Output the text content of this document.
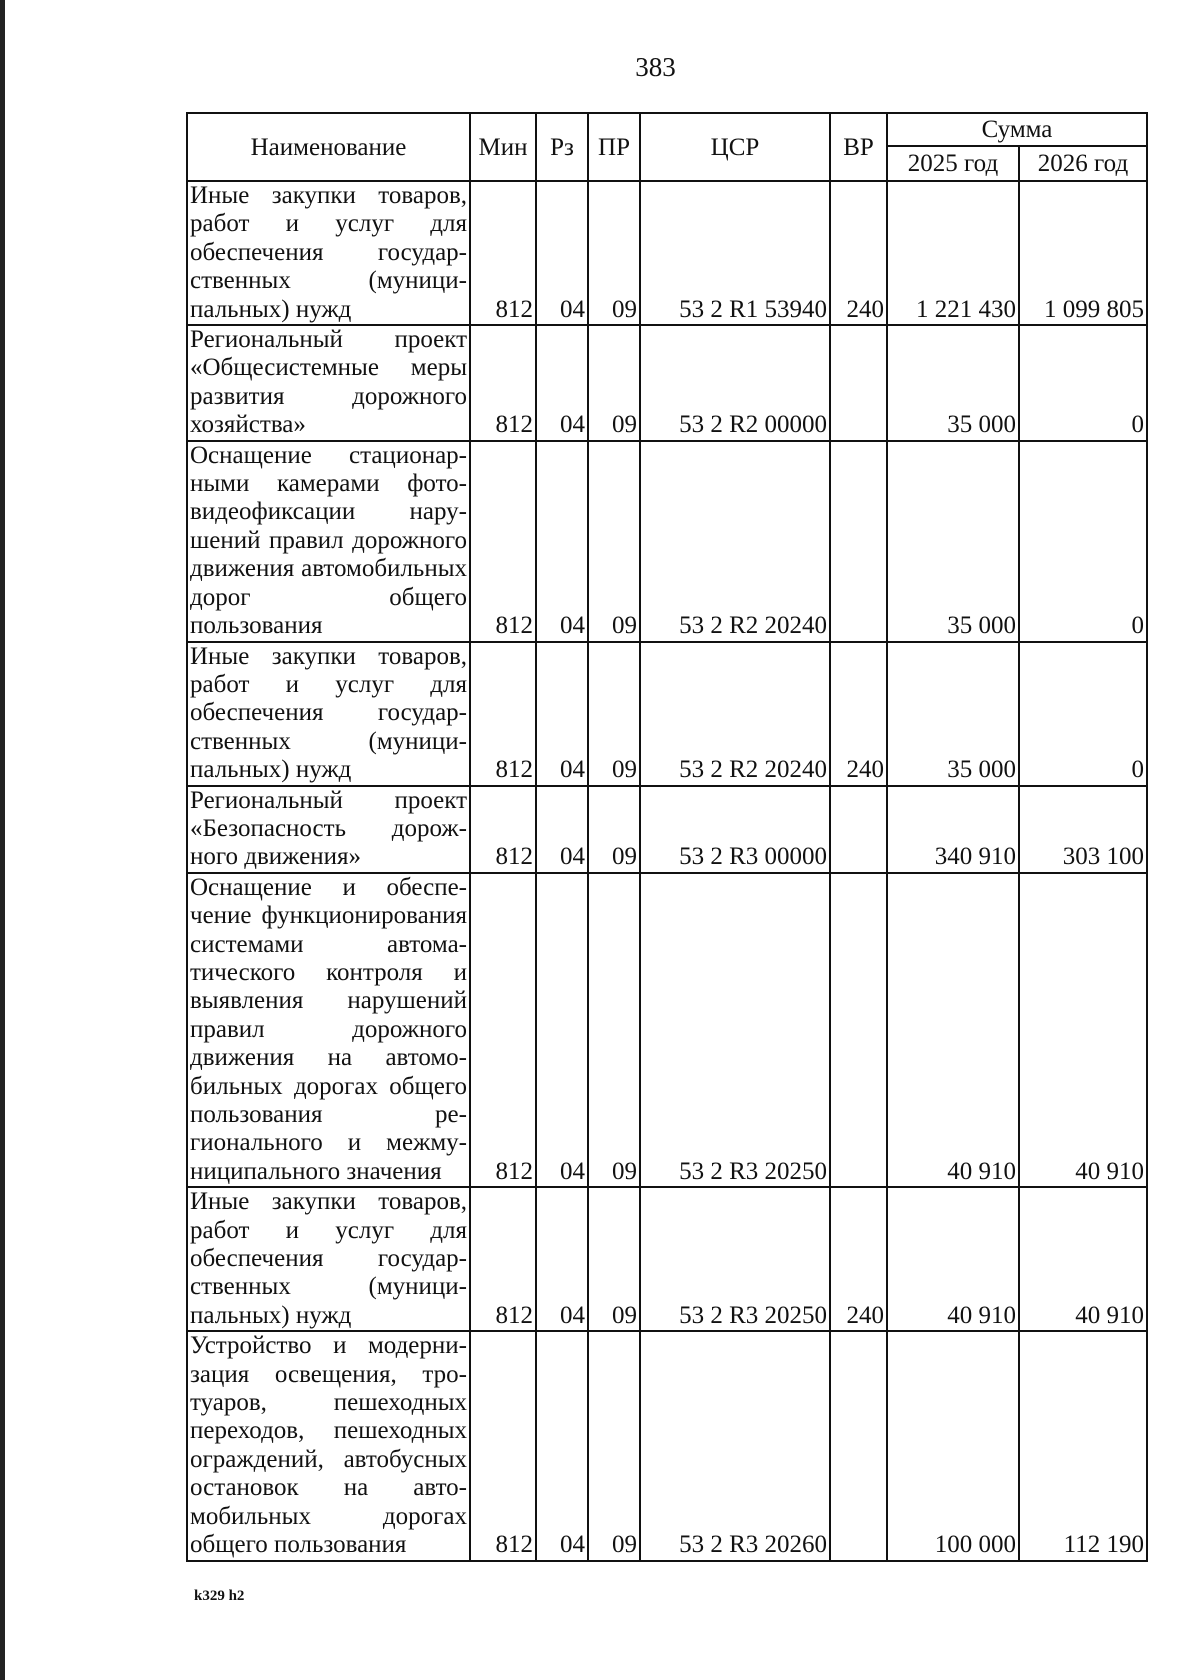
383
Наименование	Мин	Рз	ПР	ЦСР	ВР	Сумма	
						2025 год	2026 год
Иные закупки товаров, работ и услуг для обеспечения государственных (муниципальных) нужд	812	04	09	53 2 R1 53940	240	1 221 430	1 099 805
Региональный проект «Общесистемные меры развития дорожного хозяйства»	812	04	09	53 2 R2 00000		35 000	0
Оснащение стационарными камерами фото-видеофиксации нарушений правил дорожного движения автомобильных дорог общего пользования	812	04	09	53 2 R2 20240		35 000	0
Иные закупки товаров, работ и услуг для обеспечения государственных (муниципальных) нужд	812	04	09	53 2 R2 20240	240	35 000	0
Региональный проект «Безопасность дорожного движения»	812	04	09	53 2 R3 00000		340 910	303 100
Оснащение и обеспечение функционирования системами автоматического контроля и выявления нарушений правил дорожного движения на автомобильных дорогах общего пользования регионального и межмуниципального значения	812	04	09	53 2 R3 20250		40 910	40 910
Иные закупки товаров, работ и услуг для обеспечения государственных (муниципальных) нужд	812	04	09	53 2 R3 20250	240	40 910	40 910
Устройство и модернизация освещения, тротуаров, пешеходных переходов, пешеходных ограждений, автобусных остановок на автомобильных дорогах общего пользования	812	04	09	53 2 R3 20260		100 000	112 190
k329 h2
